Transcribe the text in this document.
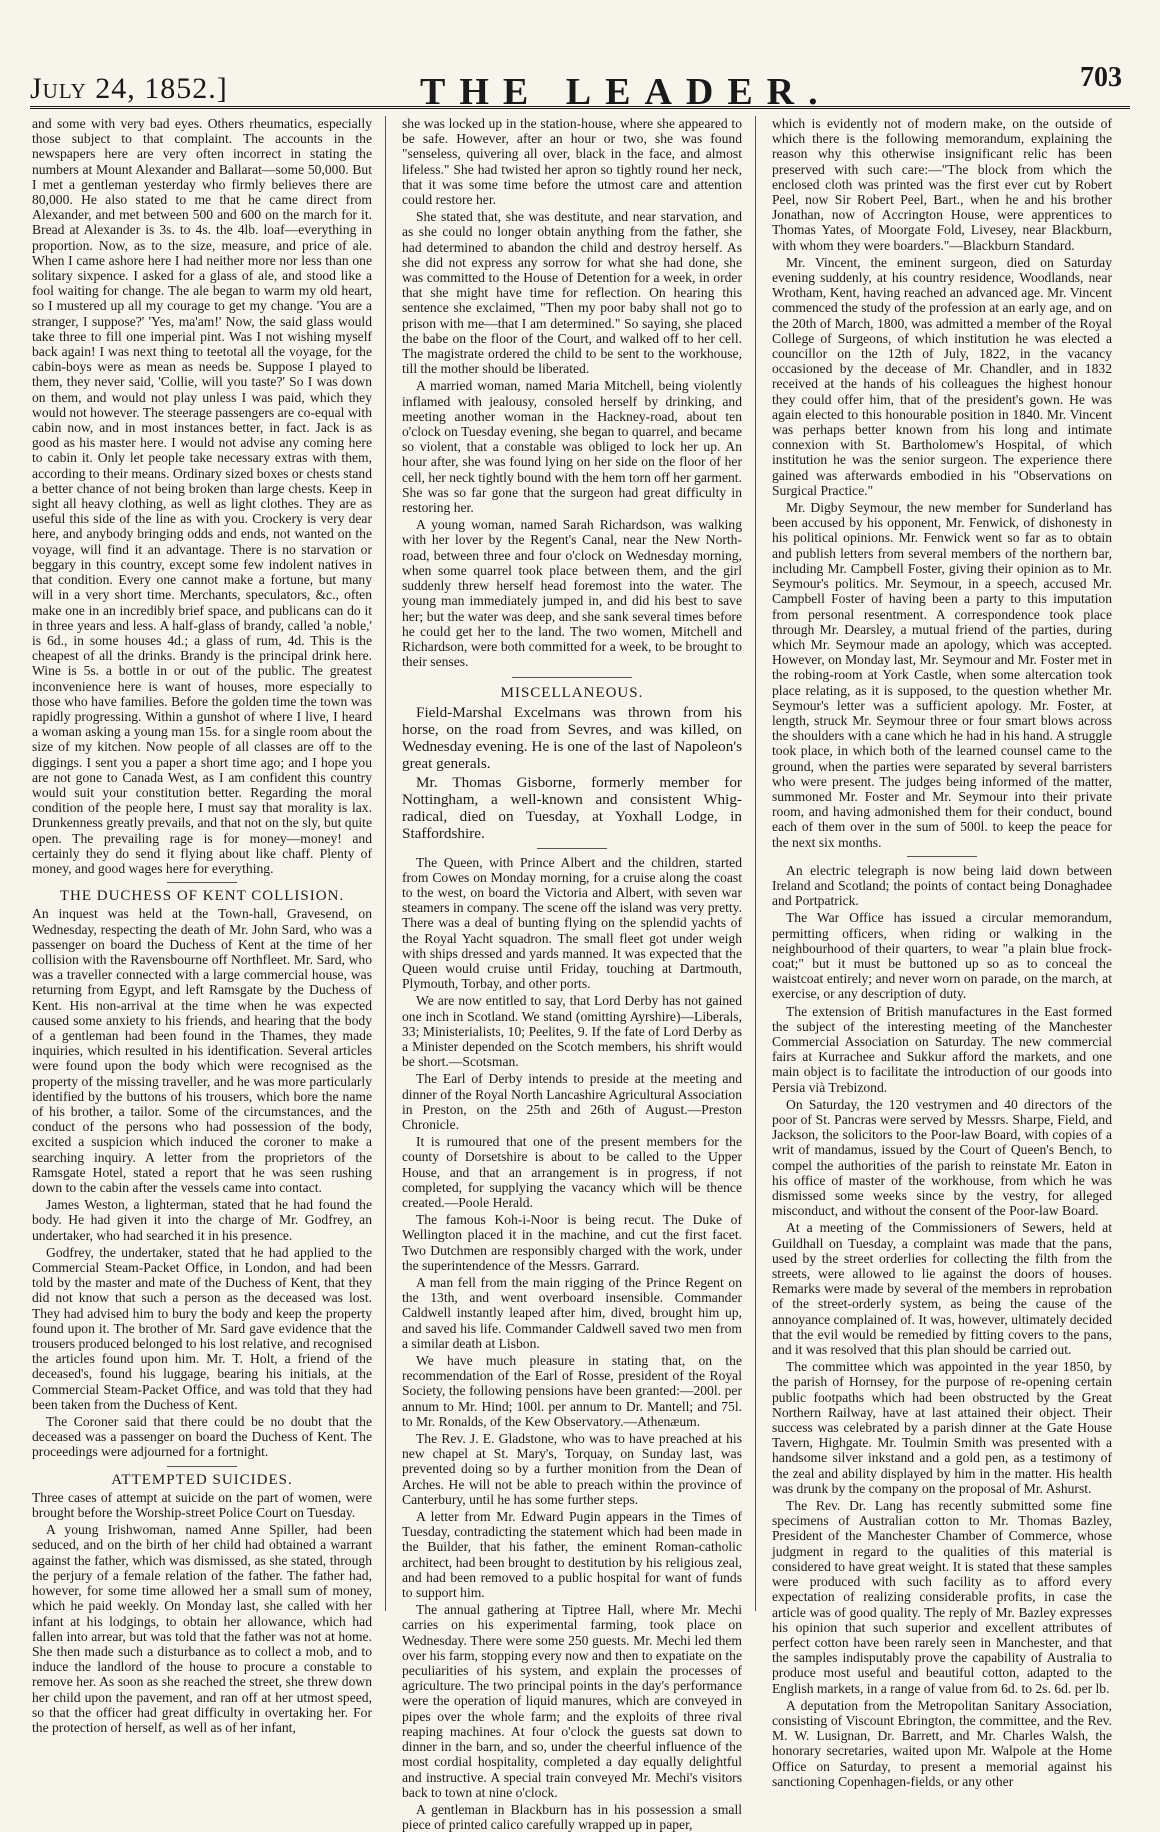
July 24, 1852.]	THE LEADER.	703

and some with very bad eyes. Others rheumatics, especially those subject to that complaint. The accounts in the newspapers here are very often incorrect in stating the numbers at Mount Alexander and Ballarat—some 50,000. But I met a gentleman yesterday who firmly believes there are 80,000. He also stated to me that he came direct from Alexander, and met between 500 and 600 on the march for it. Bread at Alexander is 3s. to 4s. the 4lb. loaf—everything in proportion. Now, as to the size, measure, and price of ale. When I came ashore here I had neither more nor less than one solitary sixpence. I asked for a glass of ale, and stood like a fool waiting for change. The ale began to warm my old heart, so I mustered up all my courage to get my change. 'You are a stranger, I suppose?' 'Yes, ma'am!' Now, the said glass would take three to fill one imperial pint. Was I not wishing myself back again! I was next thing to teetotal all the voyage, for the cabin-boys were as mean as needs be. Suppose I played to them, they never said, 'Collie, will you taste?' So I was down on them, and would not play unless I was paid, which they would not however. The steerage passengers are co-equal with cabin now, and in most instances better, in fact. Jack is as good as his master here. I would not advise any coming here to cabin it. Only let people take necessary extras with them, according to their means. Ordinary sized boxes or chests stand a better chance of not being broken than large chests. Keep in sight all heavy clothing, as well as light clothes. They are as useful this side of the line as with you. Crockery is very dear here, and anybody bringing odds and ends, not wanted on the voyage, will find it an advantage. There is no starvation or beggary in this country, except some few indolent natives in that condition. Every one cannot make a fortune, but many will in a very short time. Merchants, speculators, &c., often make one in an incredibly brief space, and publicans can do it in three years and less. A half-glass of brandy, called 'a noble,' is 6d., in some houses 4d.; a glass of rum, 4d. This is the cheapest of all the drinks. Brandy is the principal drink here. Wine is 5s. a bottle in or out of the public. The greatest inconvenience here is want of houses, more especially to those who have families. Before the golden time the town was rapidly progressing. Within a gunshot of where I live, I heard a woman asking a young man 15s. for a single room about the size of my kitchen. Now people of all classes are off to the diggings. I sent you a paper a short time ago; and I hope you are not gone to Canada West, as I am confident this country would suit your constitution better. Regarding the moral condition of the people here, I must say that morality is lax. Drunkenness greatly prevails, and that not on the sly, but quite open. The prevailing rage is for money—money! and certainly they do send it flying about like chaff. Plenty of money, and good wages here for everything.

THE DUCHESS OF KENT COLLISION.

An inquest was held at the Town-hall, Gravesend, on Wednesday, respecting the death of Mr. John Sard, who was a passenger on board the Duchess of Kent at the time of her collision with the Ravensbourne off Northfleet. Mr. Sard, who was a traveller connected with a large commercial house, was returning from Egypt, and left Ramsgate by the Duchess of Kent. His non-arrival at the time when he was expected caused some anxiety to his friends, and hearing that the body of a gentleman had been found in the Thames, they made inquiries, which resulted in his identification. Several articles were found upon the body which were recognised as the property of the missing traveller, and he was more particularly identified by the buttons of his trousers, which bore the name of his brother, a tailor. Some of the circumstances, and the conduct of the persons who had possession of the body, excited a suspicion which induced the coroner to make a searching inquiry. A letter from the proprietors of the Ramsgate Hotel, stated a report that he was seen rushing down to the cabin after the vessels came into contact.

James Weston, a lighterman, stated that he had found the body. He had given it into the charge of Mr. Godfrey, an undertaker, who had searched it in his presence.

Godfrey, the undertaker, stated that he had applied to the Commercial Steam-Packet Office, in London, and had been told by the master and mate of the Duchess of Kent, that they did not know that such a person as the deceased was lost. They had advised him to bury the body and keep the property found upon it. The brother of Mr. Sard gave evidence that the trousers produced belonged to his lost relative, and recognised the articles found upon him. Mr. T. Holt, a friend of the deceased's, found his luggage, bearing his initials, at the Commercial Steam-Packet Office, and was told that they had been taken from the Duchess of Kent.

The Coroner said that there could be no doubt that the deceased was a passenger on board the Duchess of Kent. The proceedings were adjourned for a fortnight.

ATTEMPTED SUICIDES.

Three cases of attempt at suicide on the part of women, were brought before the Worship-street Police Court on Tuesday.

A young Irishwoman, named Anne Spiller, had been seduced, and on the birth of her child had obtained a warrant against the father, which was dismissed, as she stated, through the perjury of a female relation of the father. The father had, however, for some time allowed her a small sum of money, which he paid weekly. On Monday last, she called with her infant at his lodgings, to obtain her allowance, which had fallen into arrear, but was told that the father was not at home. She then made such a disturbance as to collect a mob, and to induce the landlord of the house to procure a constable to remove her. As soon as she reached the street, she threw down her child upon the pavement, and ran off at her utmost speed, so that the officer had great difficulty in overtaking her. For the protection of herself, as well as of her infant,

she was locked up in the station-house, where she appeared to be safe. However, after an hour or two, she was found "senseless, quivering all over, black in the face, and almost lifeless." She had twisted her apron so tightly round her neck, that it was some time before the utmost care and attention could restore her.

She stated that, she was destitute, and near starvation, and as she could no longer obtain anything from the father, she had determined to abandon the child and destroy herself. As she did not express any sorrow for what she had done, she was committed to the House of Detention for a week, in order that she might have time for reflection. On hearing this sentence she exclaimed, "Then my poor baby shall not go to prison with me—that I am determined." So saying, she placed the babe on the floor of the Court, and walked off to her cell. The magistrate ordered the child to be sent to the workhouse, till the mother should be liberated.

A married woman, named Maria Mitchell, being violently inflamed with jealousy, consoled herself by drinking, and meeting another woman in the Hackney-road, about ten o'clock on Tuesday evening, she began to quarrel, and became so violent, that a constable was obliged to lock her up. An hour after, she was found lying on her side on the floor of her cell, her neck tightly bound with the hem torn off her garment. She was so far gone that the surgeon had great difficulty in restoring her.

A young woman, named Sarah Richardson, was walking with her lover by the Regent's Canal, near the New North-road, between three and four o'clock on Wednesday morning, when some quarrel took place between them, and the girl suddenly threw herself head foremost into the water. The young man immediately jumped in, and did his best to save her; but the water was deep, and she sank several times before he could get her to the land. The two women, Mitchell and Richardson, were both committed for a week, to be brought to their senses.

MISCELLANEOUS.

Field-Marshal Excelmans was thrown from his horse, on the road from Sevres, and was killed, on Wednesday evening. He is one of the last of Napoleon's great generals.

Mr. Thomas Gisborne, formerly member for Nottingham, a well-known and consistent Whig-radical, died on Tuesday, at Yoxhall Lodge, in Staffordshire.

The Queen, with Prince Albert and the children, started from Cowes on Monday morning, for a cruise along the coast to the west, on board the Victoria and Albert, with seven war steamers in company. The scene off the island was very pretty. There was a deal of bunting flying on the splendid yachts of the Royal Yacht squadron. The small fleet got under weigh with ships dressed and yards manned. It was expected that the Queen would cruise until Friday, touching at Dartmouth, Plymouth, Torbay, and other ports.

We are now entitled to say, that Lord Derby has not gained one inch in Scotland. We stand (omitting Ayrshire)—Liberals, 33; Ministerialists, 10; Peelites, 9. If the fate of Lord Derby as a Minister depended on the Scotch members, his shrift would be short.—Scotsman.

The Earl of Derby intends to preside at the meeting and dinner of the Royal North Lancashire Agricultural Association in Preston, on the 25th and 26th of August.—Preston Chronicle.

It is rumoured that one of the present members for the county of Dorsetshire is about to be called to the Upper House, and that an arrangement is in progress, if not completed, for supplying the vacancy which will be thence created.—Poole Herald.

The famous Koh-i-Noor is being recut. The Duke of Wellington placed it in the machine, and cut the first facet. Two Dutchmen are responsibly charged with the work, under the superintendence of the Messrs. Garrard.

A man fell from the main rigging of the Prince Regent on the 13th, and went overboard insensible. Commander Caldwell instantly leaped after him, dived, brought him up, and saved his life. Commander Caldwell saved two men from a similar death at Lisbon.

We have much pleasure in stating that, on the recommendation of the Earl of Rosse, president of the Royal Society, the following pensions have been granted:—200l. per annum to Mr. Hind; 100l. per annum to Dr. Mantell; and 75l. to Mr. Ronalds, of the Kew Observatory.—Athenæum.

The Rev. J. E. Gladstone, who was to have preached at his new chapel at St. Mary's, Torquay, on Sunday last, was prevented doing so by a further monition from the Dean of Arches. He will not be able to preach within the province of Canterbury, until he has some further steps.

A letter from Mr. Edward Pugin appears in the Times of Tuesday, contradicting the statement which had been made in the Builder, that his father, the eminent Roman-catholic architect, had been brought to destitution by his religious zeal, and had been removed to a public hospital for want of funds to support him.

The annual gathering at Tiptree Hall, where Mr. Mechi carries on his experimental farming, took place on Wednesday. There were some 250 guests. Mr. Mechi led them over his farm, stopping every now and then to expatiate on the peculiarities of his system, and explain the processes of agriculture. The two principal points in the day's performance were the operation of liquid manures, which are conveyed in pipes over the whole farm; and the exploits of three rival reaping machines. At four o'clock the guests sat down to dinner in the barn, and so, under the cheerful influence of the most cordial hospitality, completed a day equally delightful and instructive. A special train conveyed Mr. Mechi's visitors back to town at nine o'clock.

A gentleman in Blackburn has in his possession a small piece of printed calico carefully wrapped up in paper,

which is evidently not of modern make, on the outside of which there is the following memorandum, explaining the reason why this otherwise insignificant relic has been preserved with such care:—"The block from which the enclosed cloth was printed was the first ever cut by Robert Peel, now Sir Robert Peel, Bart., when he and his brother Jonathan, now of Accrington House, were apprentices to Thomas Yates, of Moorgate Fold, Livesey, near Blackburn, with whom they were boarders."—Blackburn Standard.

Mr. Vincent, the eminent surgeon, died on Saturday evening suddenly, at his country residence, Woodlands, near Wrotham, Kent, having reached an advanced age. Mr. Vincent commenced the study of the profession at an early age, and on the 20th of March, 1800, was admitted a member of the Royal College of Surgeons, of which institution he was elected a councillor on the 12th of July, 1822, in the vacancy occasioned by the decease of Mr. Chandler, and in 1832 received at the hands of his colleagues the highest honour they could offer him, that of the president's gown. He was again elected to this honourable position in 1840. Mr. Vincent was perhaps better known from his long and intimate connexion with St. Bartholomew's Hospital, of which institution he was the senior surgeon. The experience there gained was afterwards embodied in his "Observations on Surgical Practice."

Mr. Digby Seymour, the new member for Sunderland has been accused by his opponent, Mr. Fenwick, of dishonesty in his political opinions. Mr. Fenwick went so far as to obtain and publish letters from several members of the northern bar, including Mr. Campbell Foster, giving their opinion as to Mr. Seymour's politics. Mr. Seymour, in a speech, accused Mr. Campbell Foster of having been a party to this imputation from personal resentment. A correspondence took place through Mr. Dearsley, a mutual friend of the parties, during which Mr. Seymour made an apology, which was accepted. However, on Monday last, Mr. Seymour and Mr. Foster met in the robing-room at York Castle, when some altercation took place relating, as it is supposed, to the question whether Mr. Seymour's letter was a sufficient apology. Mr. Foster, at length, struck Mr. Seymour three or four smart blows across the shoulders with a cane which he had in his hand. A struggle took place, in which both of the learned counsel came to the ground, when the parties were separated by several barristers who were present. The judges being informed of the matter, summoned Mr. Foster and Mr. Seymour into their private room, and having admonished them for their conduct, bound each of them over in the sum of 500l. to keep the peace for the next six months.

An electric telegraph is now being laid down between Ireland and Scotland; the points of contact being Donaghadee and Portpatrick.

The War Office has issued a circular memorandum, permitting officers, when riding or walking in the neighbourhood of their quarters, to wear "a plain blue frock-coat;" but it must be buttoned up so as to conceal the waistcoat entirely; and never worn on parade, on the march, at exercise, or any description of duty.

The extension of British manufactures in the East formed the subject of the interesting meeting of the Manchester Commercial Association on Saturday. The new commercial fairs at Kurrachee and Sukkur afford the markets, and one main object is to facilitate the introduction of our goods into Persia vià Trebizond.

On Saturday, the 120 vestrymen and 40 directors of the poor of St. Pancras were served by Messrs. Sharpe, Field, and Jackson, the solicitors to the Poor-law Board, with copies of a writ of mandamus, issued by the Court of Queen's Bench, to compel the authorities of the parish to reinstate Mr. Eaton in his office of master of the workhouse, from which he was dismissed some weeks since by the vestry, for alleged misconduct, and without the consent of the Poor-law Board.

At a meeting of the Commissioners of Sewers, held at Guildhall on Tuesday, a complaint was made that the pans, used by the street orderlies for collecting the filth from the streets, were allowed to lie against the doors of houses. Remarks were made by several of the members in reprobation of the street-orderly system, as being the cause of the annoyance complained of. It was, however, ultimately decided that the evil would be remedied by fitting covers to the pans, and it was resolved that this plan should be carried out.

The committee which was appointed in the year 1850, by the parish of Hornsey, for the purpose of re-opening certain public footpaths which had been obstructed by the Great Northern Railway, have at last attained their object. Their success was celebrated by a parish dinner at the Gate House Tavern, Highgate. Mr. Toulmin Smith was presented with a handsome silver inkstand and a gold pen, as a testimony of the zeal and ability displayed by him in the matter. His health was drunk by the company on the proposal of Mr. Ashurst.

The Rev. Dr. Lang has recently submitted some fine specimens of Australian cotton to Mr. Thomas Bazley, President of the Manchester Chamber of Commerce, whose judgment in regard to the qualities of this material is considered to have great weight. It is stated that these samples were produced with such facility as to afford every expectation of realizing considerable profits, in case the article was of good quality. The reply of Mr. Bazley expresses his opinion that such superior and excellent attributes of perfect cotton have been rarely seen in Manchester, and that the samples indisputably prove the capability of Australia to produce most useful and beautiful cotton, adapted to the English markets, in a range of value from 6d. to 2s. 6d. per lb.

A deputation from the Metropolitan Sanitary Association, consisting of Viscount Ebrington, the committee, and the Rev. M. W. Lusignan, Dr. Barrett, and Mr. Charles Walsh, the honorary secretaries, waited upon Mr. Walpole at the Home Office on Saturday, to present a memorial against his sanctioning Copenhagen-fields, or any other
